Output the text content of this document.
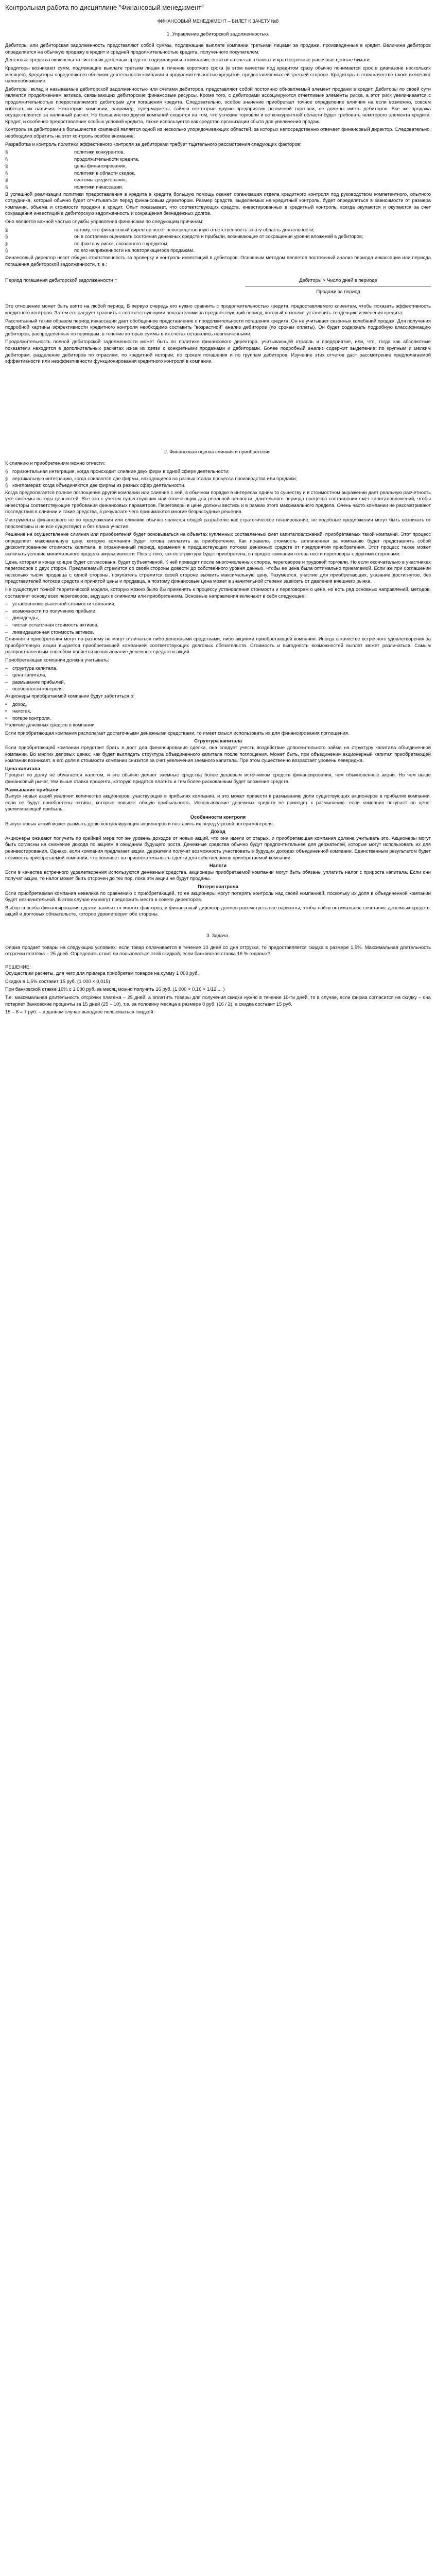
Контрольная работа по дисциплине "Финансовый менеджмент"
ФИНАНСОВЫЙ МЕНЕДЖМЕНТ – БИЛЕТ К ЗАЧЕТУ №8
1. Управление дебиторской задолженностью.

Дебиторы или дебиторская задолженность представляют собой суммы, подлежащие выплате компании третьими лицами за продажи, произведенные в кредит. Величина дебиторов определяется на обычную продажу в кредит и средней продолжительностью кредита, полученного покупателем.

Денежные средства включены тот источник денежных средств, содержащихся в компании, остатки на счетах в банках и краткосрочные рыночные ценные бумаги.

Кредиторы возникают сумм, подлежащие выплате третьим лицам в течение короткого срока (в этом качестве под кредитом сразу обычно понимается срок в диапазоне нескольких месяцев). Кредиторы определяются объемом деятельности компании и продолжительностью кредитов, предоставляемых ей третьей стороне. Кредиторы в этом качестве также включают налогообложение.

Дебиторы, вклад и называемые дебиторской задолженностью или счетами дебиторов, представляют собой постоянно обновляемый элемент продажи в кредит. Дебиторы по своей сути являются продолжением активов, связывающих дебиторские финансовые ресурсы. Кроме того, с дебиторами ассоциируются отчетливые элементы риска, а этот риск увеличивается с продолжительностью предоставляемого дебиторам для погашения кредита. Следовательно, особое значение приобретает точное определение влияния на если возможно, совсем избегать их наличия. Некоторые компании, например, супермаркеты, тайм-и некоторые другие предприятия розничной торговли, не должны иметь дебиторов. Все же продажа осуществляется за наличный расчет. Но большинство других компаний сходятся на том, что условия торговли и во конкурентной области будет требовать некоторого элемента кредита. Кредит, и особенно предоставление особых условий кредита, также используется как средство организации сбыта для увеличения продаж.

Контроль за дебиторами в большинстве компаний является одной из несколько упорядочивающих областей, за которых непосредственно отвечает финансовый директор. Следовательно, необходимо обратить на этот контроль особое внимание.

Разработка и контроль политики эффективного контроля за дебиторами требует тщательного рассмотрения следующих факторов:

§	политики конкурентов,
§	продолжительности кредита,
§	цены финансирования,
§	политики в области скидок,
§	системы кредитования,
§	политики инкассации.

В успешной реализации политики предоставления в кредита в кредита большую помощь окажет организация отдела кредитного контроля под руководством компетентного, опытного сотрудника, который обычно будет отчитываться перед финансовым директором. Размер средств, выделяемых на кредитный контроль, будет определяться в зависимости от размера компании, объема и стоимости продажи в кредит. Опыт показывает, что соответствующих средств, инвестированных в кредитный контроль, всегда окупаются и окупаются за счет сокращения инвестиций в дебиторскую задолженность и сокращения безнадежных долгов.

Оно является важной частью службы управления финансами по следующим причинам:

§	потому, что финансовый директор несет непосредственную ответственность за эту область деятельности;
§	он в состоянии оценивать состояния денежных средств и прибыли, возникающие от сокращения уровня вложений в дебиторов;
§	по фактору риска, связанного с кредитом;
§	по его напряженности на повторяющегося продажам.

Финансовый директор несет общую ответственность за проверку и контроль инвестиций в дебиторов. Основным методом является постоянный анализ периода инкассации или периода погашения дебиторской задолженности, т. е.:

Период погашения дебиторской задолженности =	Дебиторы × Число дней в периоде
Продажи за период

Это отношение может быть взято на любой период. В первую очередь его нужно сравнить с продолжительностью кредита, предоставляемого клиентам, чтобы показать эффективность кредитного контроля. Затем его следует сравнить с соответствующими показателями за предшествующий период, который позволит установить тенденцию изменения кредита.

Рассчитанный таким образом период инкассации дает обобщенное представление о продолжительности погашения кредита. Он не учитывает сезонных колебаний продаж. Для получения подробной картины эффективности кредитного контроля необходимо составить "возрастной" анализ дебиторов (по срокам оплаты). Он будет содержать подробную классификацию дебиторов, распределенных по периодам, в течение которых суммы в их счетах оставались неоплаченными.

Продолжительность полной дебиторской задолженности может быть по политике финансового директора, учитывающей отрасль и предприятие, или, что, тогда как абсолютные показатели находится в дополнительных расчетах из-за их связи с конкретными продажами и дебиторами. Более подробный анализ содержит выделение: по крупным и мелким дебиторам, разделение дебиторов по отраслям, по кредитной истории, по срокам погашения и по группам дебиторов. Изучение этих отчетов даст рассмотрение предполагаемой эффективности или неэффективности функционирования кредитного контроля в компании.

2. Финансовая оценка слияния и приобретения.

К слиянию и приобретениям можно отнести:

§ горизонтальная интеграция, когда происходит слияние двух фирм в одной сфере деятельности;
§ вертикальную интеграцию, когда сливаются две фирмы, находящиеся на разных этапах процесса производства или продажи;
§ конгломерат, когда объединяются две фирмы из разных сфер деятельности.

Когда предполагается полное поглощение другой компании или слияние с ней, в обычном порядке в интересах одним то существу и в стоимостном выражении дает реальную расчетность уже системы выгоды ценностей. Все это с учетом существующих или отвечающих для реальной ценности, длительного периода процесса составления смет капиталовложений, чтобы инвесторы соответствующие требования финансовых параметров. Переговоры в цене должны вестись и в рамках этого максимального предела. Очень часто компании не рассматривают последствия в слиянии и такие средства, в результате чего принимаются многие безрассудные решения.

Инструменты финансового не по предложения или слиянию обычно является общей разработке как стратегическое планирование, не подобные предложения могут быть возникать от перспективы и не все существуют и без плана участие.

Решение на осуществление слияния или приобретения будет основываться на объектах купленных составленных смет капиталовложений, приобретаемых такой компании. Этот процесс определяет максимальную цену, которую компания будет готова заплатить за приобретение. Как правило, стоимость заплаченная за компанию будет представлять собой дисконтированное стоимость капитала, в ограниченный период, временем в предшествующих потоках денежных средств от предприятия приобретения. Этот процесс также может включать условие минимального предела эмульсивности. После того, как ее структура будет приобретена, в порядке компании готова нести переговоры с другими сторонами.

Цена, которая в конце концов будет согласована, будет субъективной. К ней приводит после многочисленных споров, переговоров и трудовой торговли. Но если окончательно в участниках переговоров с двух сторон. Предлагаемый стремится со своей стороны довести до собственного уровня данных, чтобы ее цена была оптимально приемлемой. Если же при соглашении несколько тысяч продавца с одной стороны, покупатель стремится своей стороне выявить максимальную цену. Разумеется, участие для приобретающих, указание достигнутое, без представителей потоков средств и принятой цены и продавца, а поэтому финансовые цена может в значительной степени зависеть от давления внешнего рынка.

Не существует точной теоретической модели, которую можно было бы применять к процессу установления стоимости и переговорам о цене, но есть ряд основных направлений, методов, составляет основу всех переговоров, ведущих к слияниям или приобретениям. Основные направления включают в себя следующее:

– установление рыночной стоимости компании,
– возможности по получению прибыли,
– дивиденды,
– чистая остаточная стоимость активов,
– ликвидационная стоимость активов.

Слияния и приобретения могут по-разному не могут отличаться либо денежными средствами, либо акциями приобретающей компании. Иногда в качестве встречного удовлетворения за приобретенную акции выдается приобретающей компанией соответствующих долговых обязательств. Стоимость и выгодность возможностей выплат может различаться. Самым распространенным способом является использование денежных средств и акций.

Приобретающая компания должна учитывать:

– структура капитала,
– цена капитала,
– размывание прибылей,
– особенности контроля.

Акционеры приобретаемой компании будут заботиться о:

• доход,
• налогах,
• потере контроля.

Наличие денежных средств в компании

Если приобретающая компания располагает достаточными денежными средствами, то имеет смысл использовать их для финансирования поглощения.

Структура капитала

Если приобретающей компании предстоит брать в долг для финансирования сделки, она следует учесть воздействие дополнительного займа на структуру капитала объединенной компании. Во многих деловых ценах, как будет выглядеть структура объединенного капитала после поглощения. Может быть, при объединении акционерный капитал приобретающей компании возникает, а его доля в стоимости компании снизится за счет увеличения заемного капитала. При этом существенно возрастает уровень левериджа.

Цена капитала

Процент по долгу не облагается налогом, и это обычно делает заемные средства более дешевым источником средств финансирования, чем обыкновенные акции. Но чем выше финансовый рычаг, тем выше ставка процента, которую придется платить и тем более рискованным будет вложение средств.

Размывание прибыли

Выпуск новых акций увеличит количество акционеров, участвующих в прибылях компании, и это может привести к размыванию доли существующих акционеров в прибылях компании, если не будут приобретены активы, которые повысят общую прибыльность. Использование денежных средств не приведет к размыванию, если компания покупает по цене, увеличивающей прибыль.

Особенности контроля

Выпуск новых акций может размыть долю контролирующих акционеров и поставить их перед угрозой потери контроля.

Доход

Акционеры ожидают получить по крайней мере тот же уровень доходов от новых акций, что они имели от старых, и приобретающая компания должна учитывать это. Акционеры могут быть согласны на снижение дохода по акциям в ожидании будущего роста. Денежные средства обычно будут предпочтительнее для держателей, которые могут использовать их для реинвестирования. Однако, если компания предлагает акции, держатели получат возможность участвовать в будущих доходах объединенной компании. Единственным результатом будет стоимость приобретаемой компании, что повлияет на привлекательность сделки для собственников приобретаемой компании.

Налоги

Если в качестве встречного удовлетворения используются денежные средства, акционеры приобретаемой компании могут быть обязаны уплатить налог с прироста капитала. Если они получат акции, то налог может быть отсрочен до тех пор, пока эти акции не будут проданы.

Потеря контроля

Если приобретаемая компания невелика по сравнению с приобретающей, то ее акционеры могут потерять контроль над своей компанией, поскольку их доля в объединенной компании будет незначительной. В этом случае им могут предложить места в совете директоров.

Выбор способа финансирования сделки зависит от многих факторов, и финансовый директор должен рассмотреть все варианты, чтобы найти оптимальное сочетание денежных средств, акций и долговых обязательств, которое удовлетворит обе стороны.

3. Задача.

Фирма продает товары на следующих условиях: если товар оплачивается в течение 10 дней со дня отгрузки, то предоставляется скидка в размере 1,5%. Максимальная длительность отсрочки платежа – 25 дней. Определить стоит ли пользоваться этой скидкой, если банковская ставка 16 % годовых?

РЕШЕНИЕ:

Осуществим расчеты, для чего для примера приобретем товаров на сумму 1 000 руб.

Скидка в 1,5% составит 15 руб. (1 000 × 0,015)

При банковской ставке 16% с 1 000 руб. за месяц можно получить 16 руб. (1 000 × 0,16 × 1/12 ... )

Т.е. максимальная длительность отсрочки платежа – 25 дней, а оплатить товары для получения скидки нужно в течение 10-ти дней, то в случае, если фирма согласится на скидку – она потеряет банковские проценты за 15 дней (25 – 10), т.е. за половину месяца в размере 8 руб. (16 / 2), а скидка составит 15 руб.

15 – 8 = 7 руб. – в данном случае выгоднее пользоваться скидкой.
